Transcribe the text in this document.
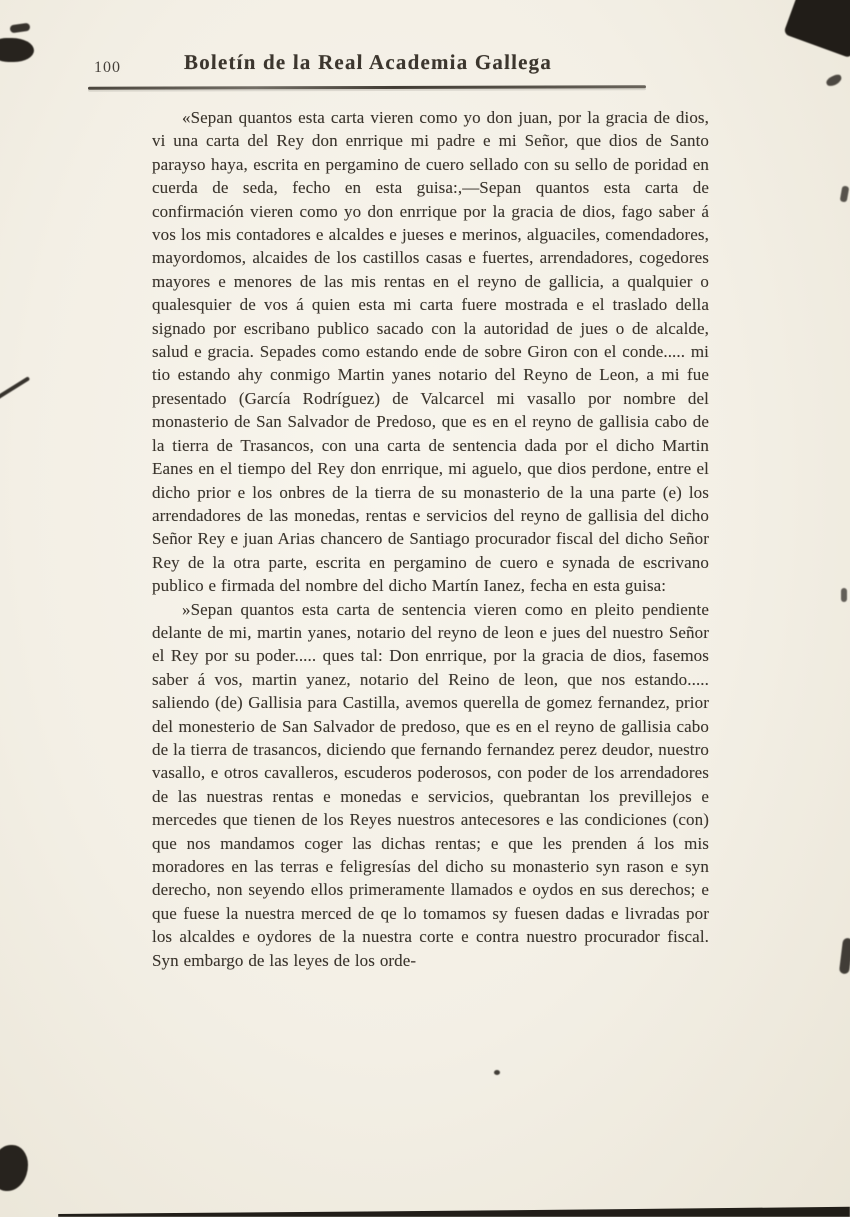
100	Boletín de la Real Academia Gallega

«Sepan quantos esta carta vieren como yo don juan, por la gracia de dios, vi una carta del Rey don enrrique mi padre e mi Señor, que dios de Santo parayso haya, escrita en pergamino de cuero sellado con su sello de poridad en cuerda de seda, fecho en esta guisa:,—Sepan quantos esta carta de confirmación vieren como yo don enrrique por la gracia de dios, fago saber á vos los mis contadores e alcaldes e jueses e merinos, alguaciles, comendadores, mayordomos, alcaides de los castillos casas e fuertes, arrendadores, cogedores mayores e menores de las mis rentas en el reyno de gallicia, a qualquier o qualesquier de vos á quien esta mi carta fuere mostrada e el traslado della signado por escribano publico sacado con la autoridad de jues o de alcalde, salud e gracia. Sepades como estando ende de sobre Giron con el conde..... mi tio estando ahy conmigo Martin yanes notario del Reyno de Leon, a mi fue presentado (García Rodríguez) de Valcarcel mi vasallo por nombre del monasterio de San Salvador de Predoso, que es en el reyno de gallisia cabo de la tierra de Trasancos, con una carta de sentencia dada por el dicho Martin Eanes en el tiempo del Rey don enrrique, mi aguelo, que dios perdone, entre el dicho prior e los onbres de la tierra de su monasterio de la una parte (e) los arrendadores de las monedas, rentas e servicios del reyno de gallisia del dicho Señor Rey e juan Arias chancero de Santiago procurador fiscal del dicho Señor Rey de la otra parte, escrita en pergamino de cuero e synada de escrivano publico e firmada del nombre del dicho Martín Ianez, fecha en esta guisa:

»Sepan quantos esta carta de sentencia vieren como en pleito pendiente delante de mi, martin yanes, notario del reyno de leon e jues del nuestro Señor el Rey por su poder..... ques tal: Don enrrique, por la gracia de dios, fasemos saber á vos, martin yanez, notario del Reino de leon, que nos estando..... saliendo (de) Gallisia para Castilla, avemos querella de gomez fernandez, prior del monesterio de San Salvador de predoso, que es en el reyno de gallisia cabo de la tierra de trasancos, diciendo que fernando fernandez perez deudor, nuestro vasallo, e otros cavalleros, escuderos poderosos, con poder de los arrendadores de las nuestras rentas e monedas e servicios, quebrantan los previllejos e mercedes que tienen de los Reyes nuestros antecesores e las condiciones (con) que nos mandamos coger las dichas rentas; e que les prenden á los mis moradores en las terras e feligresías del dicho su monasterio syn rason e syn derecho, non seyendo ellos primeramente llamados e oydos en sus derechos; e que fuese la nuestra merced de qe lo tomamos sy fuesen dadas e livradas por los alcaldes e oydores de la nuestra corte e contra nuestro procurador fiscal. Syn embargo de las leyes de los orde-
